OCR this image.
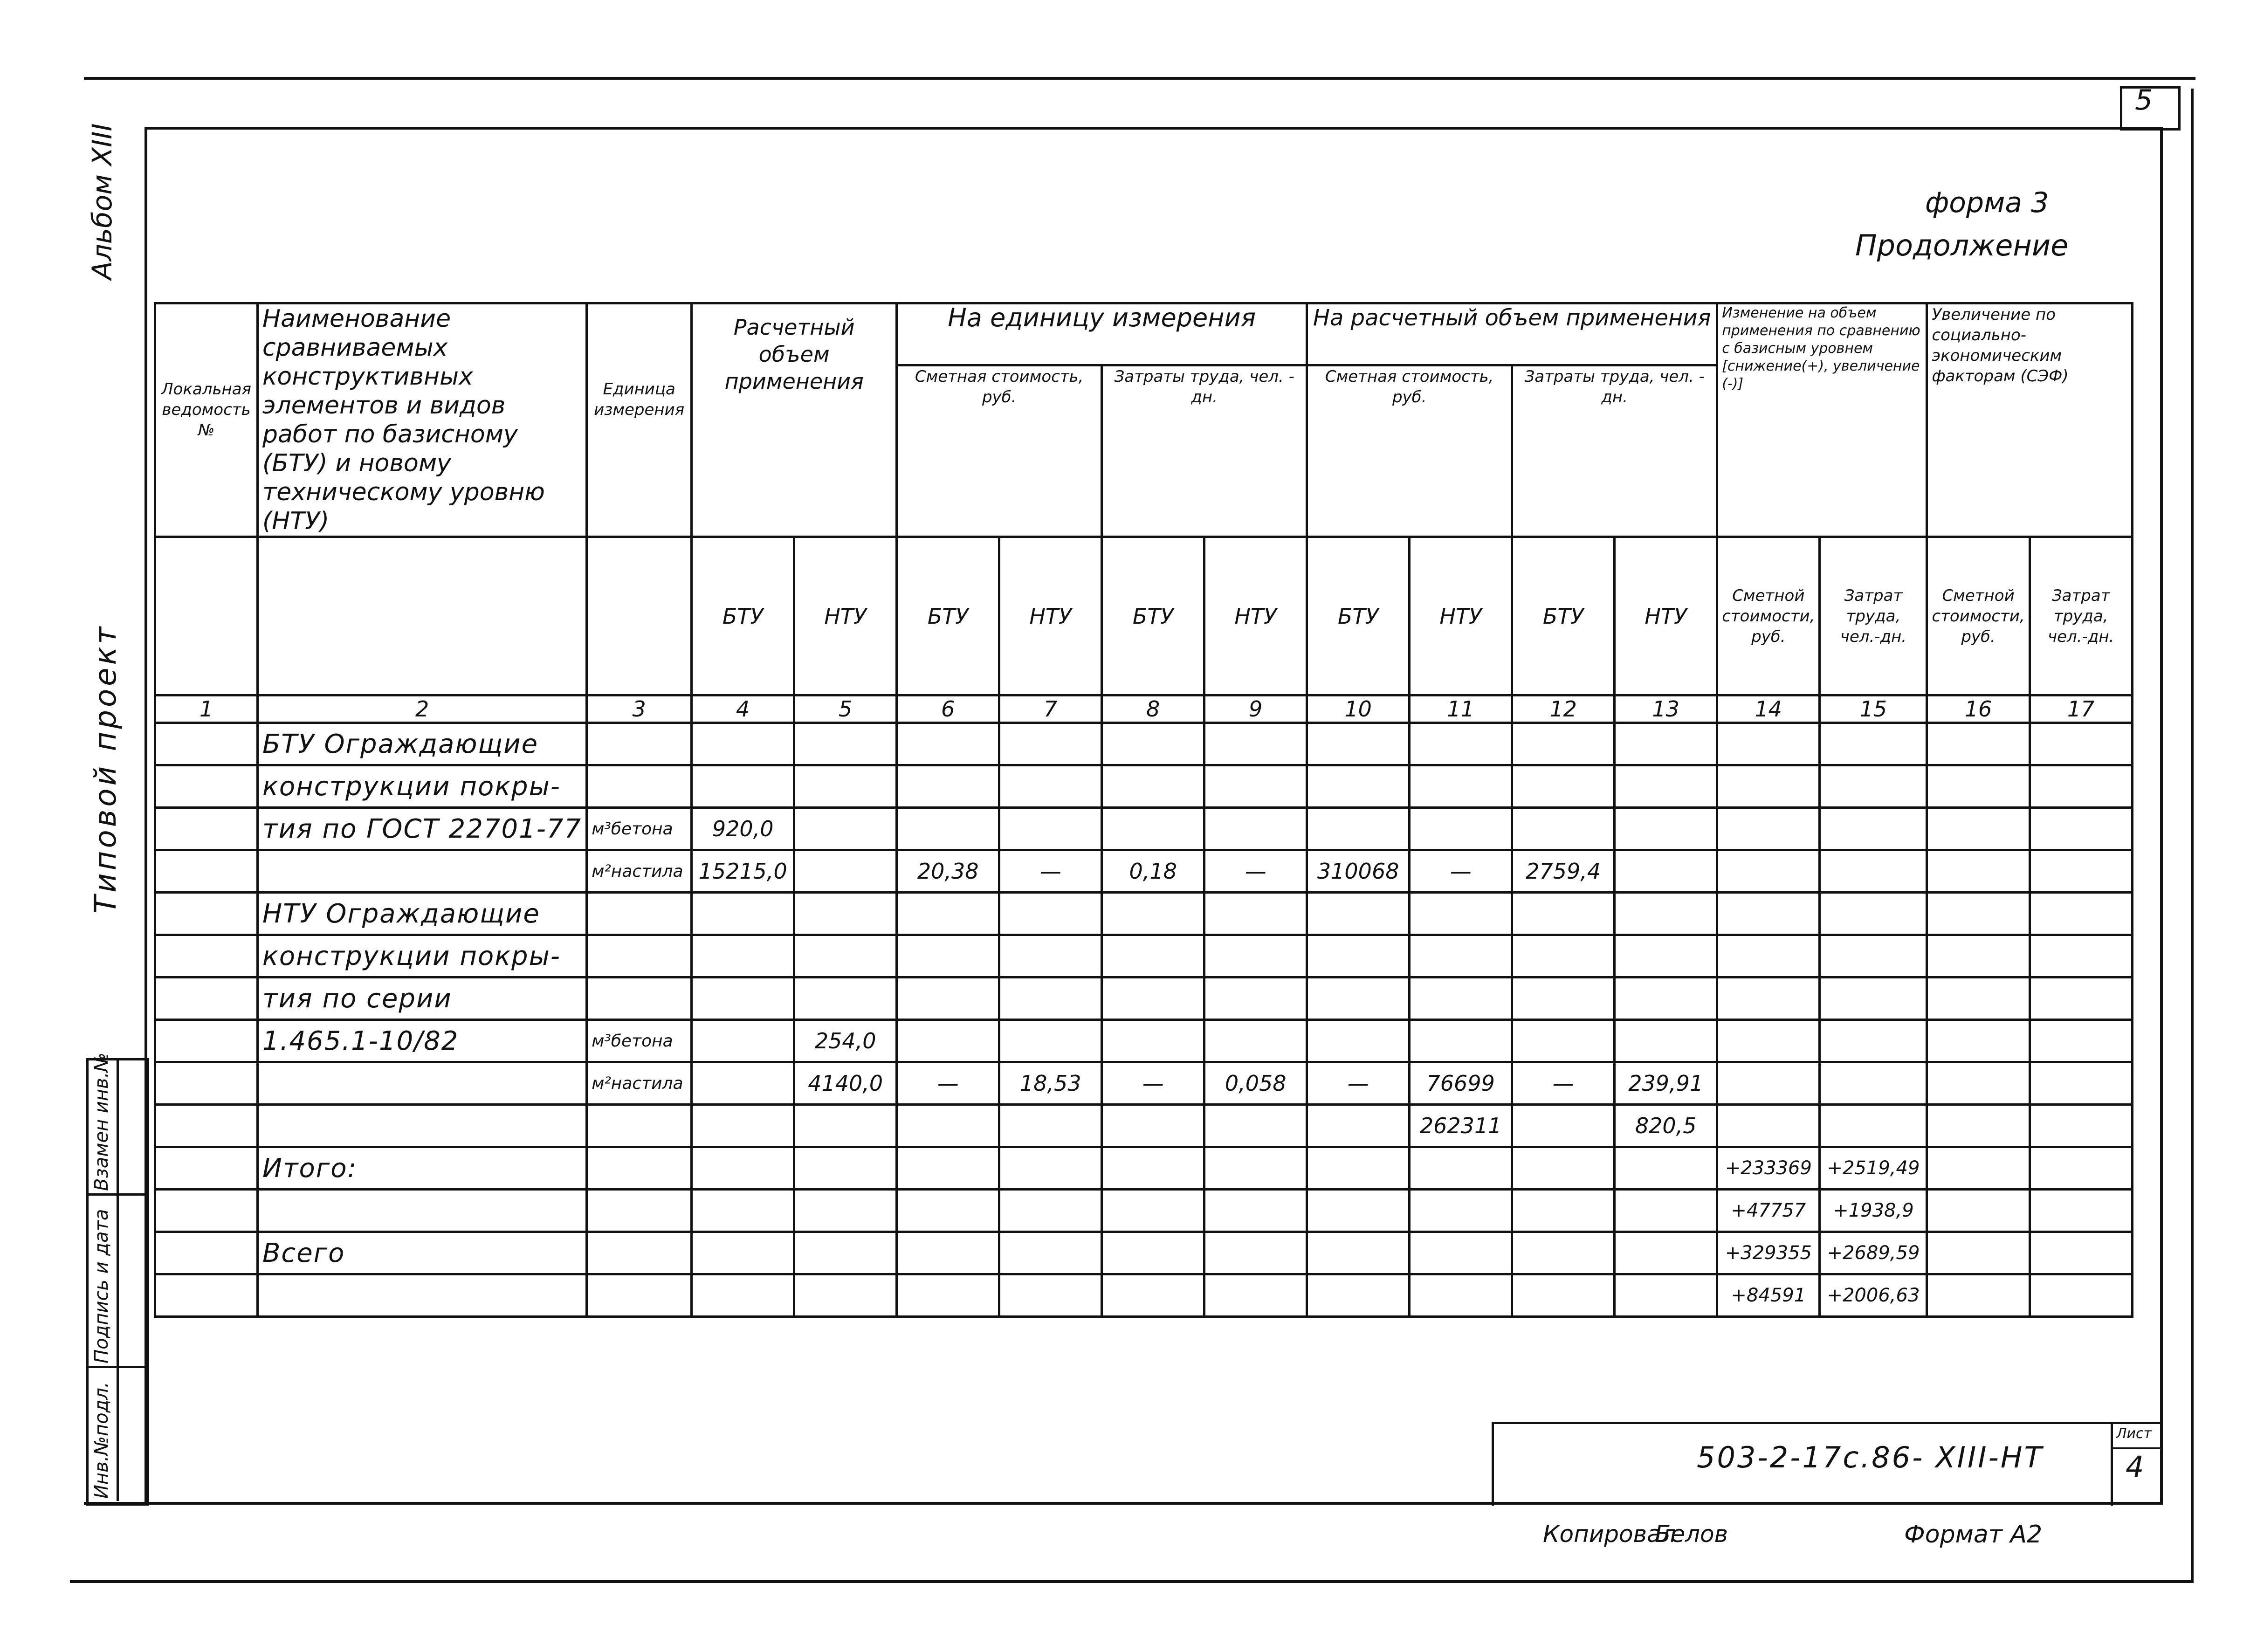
5
Альбом XIII
Типовой проект
Взамен инв.№
Подпись и дата
Инв.№подл.
форма 3
Продолжение
Локальная ведомость №	Наименование сравниваемых конструктивных элементов и видов работ по базисному (БТУ) и новому техническому уровню (НТУ)	Единица измерения	Расчетный объем применения		На единицу измерения				На расчетный объем применения				Изменение на объем применения по сравнению с базисным уровнем [снижение(+), увеличение (-)]		Увеличение по социально-экономическим факторам (СЭФ)	
					Сметная стоимость, руб.		Затраты труда, чел. - дн.		Сметная стоимость, руб.		Затраты труда, чел. - дн.					
			БТУ	НТУ	БТУ	НТУ	БТУ	НТУ	БТУ	НТУ	БТУ	НТУ	Сметной стоимости, руб.	Затрат труда, чел.-дн.	Сметной стоимости, руб.	Затрат труда, чел.-дн.
1	2	3	4	5	6	7	8	9	10	11	12	13	14	15	16	17
	БТУ Ограждающие															
	конструкции покры-															
	тия по ГОСТ 22701-77	м³бетона	920,0													
		м²настила	15215,0		20,38	—	0,18	—	310068	—	2759,4					
	НТУ Ограждающие															
	конструкции покры-															
	тия по серии															
	1.465.1-10/82	м³бетона		254,0												
		м²настила		4140,0	—	18,53	—	0,058	—	76699	—	239,91				
										262311		820,5				
	Итого:												+233369	+2519,49		
													+47757	+1938,9		
	Всего												+329355	+2689,59		
													+84591	+2006,63		
503-2-17с.86- XIII-НТ
Лист
4
Копировал
Белов	Формат А2
